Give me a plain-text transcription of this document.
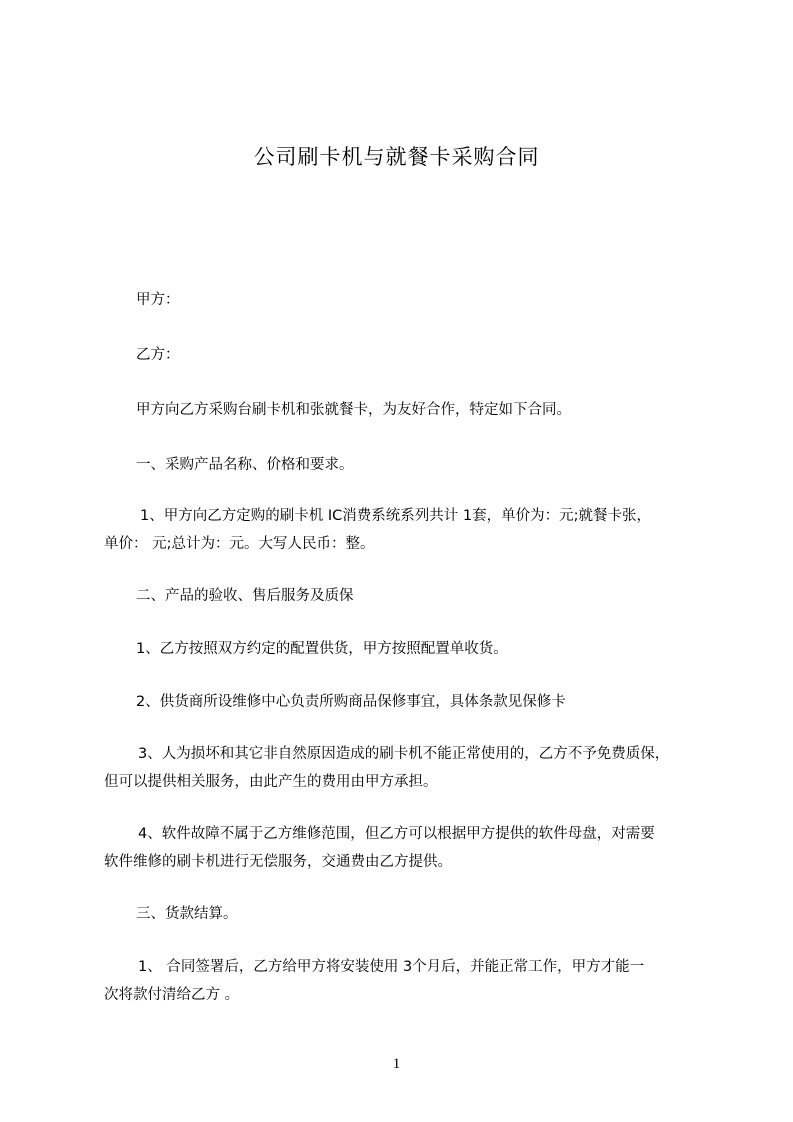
公司刷卡机与就餐卡采购合同
甲方：
乙方：
甲方向乙方采购台刷卡机和张就餐卡，为友好合作，特定如下合同。
一、采购产品名称、价格和要求。
1、甲方向乙方定购的刷卡机 IC消费系统系列共计 1套，单价为：元;就餐卡张，
单价： 元;总计为：元。大写人民币：整。
二、产品的验收、售后服务及质保
1、乙方按照双方约定的配置供货，甲方按照配置单收货。
2、供货商所设维修中心负责所购商品保修事宜，具体条款见保修卡
3、人为损坏和其它非自然原因造成的刷卡机不能正常使用的，乙方不予免费质保，
但可以提供相关服务，由此产生的费用由甲方承担。
4、软件故障不属于乙方维修范围，但乙方可以根据甲方提供的软件母盘，对需要
软件维修的刷卡机进行无偿服务，交通费由乙方提供。
三、货款结算。
1、 合同签署后，乙方给甲方将安装使用 3个月后，并能正常工作，甲方才能一
次将款付清给乙方 。
1
